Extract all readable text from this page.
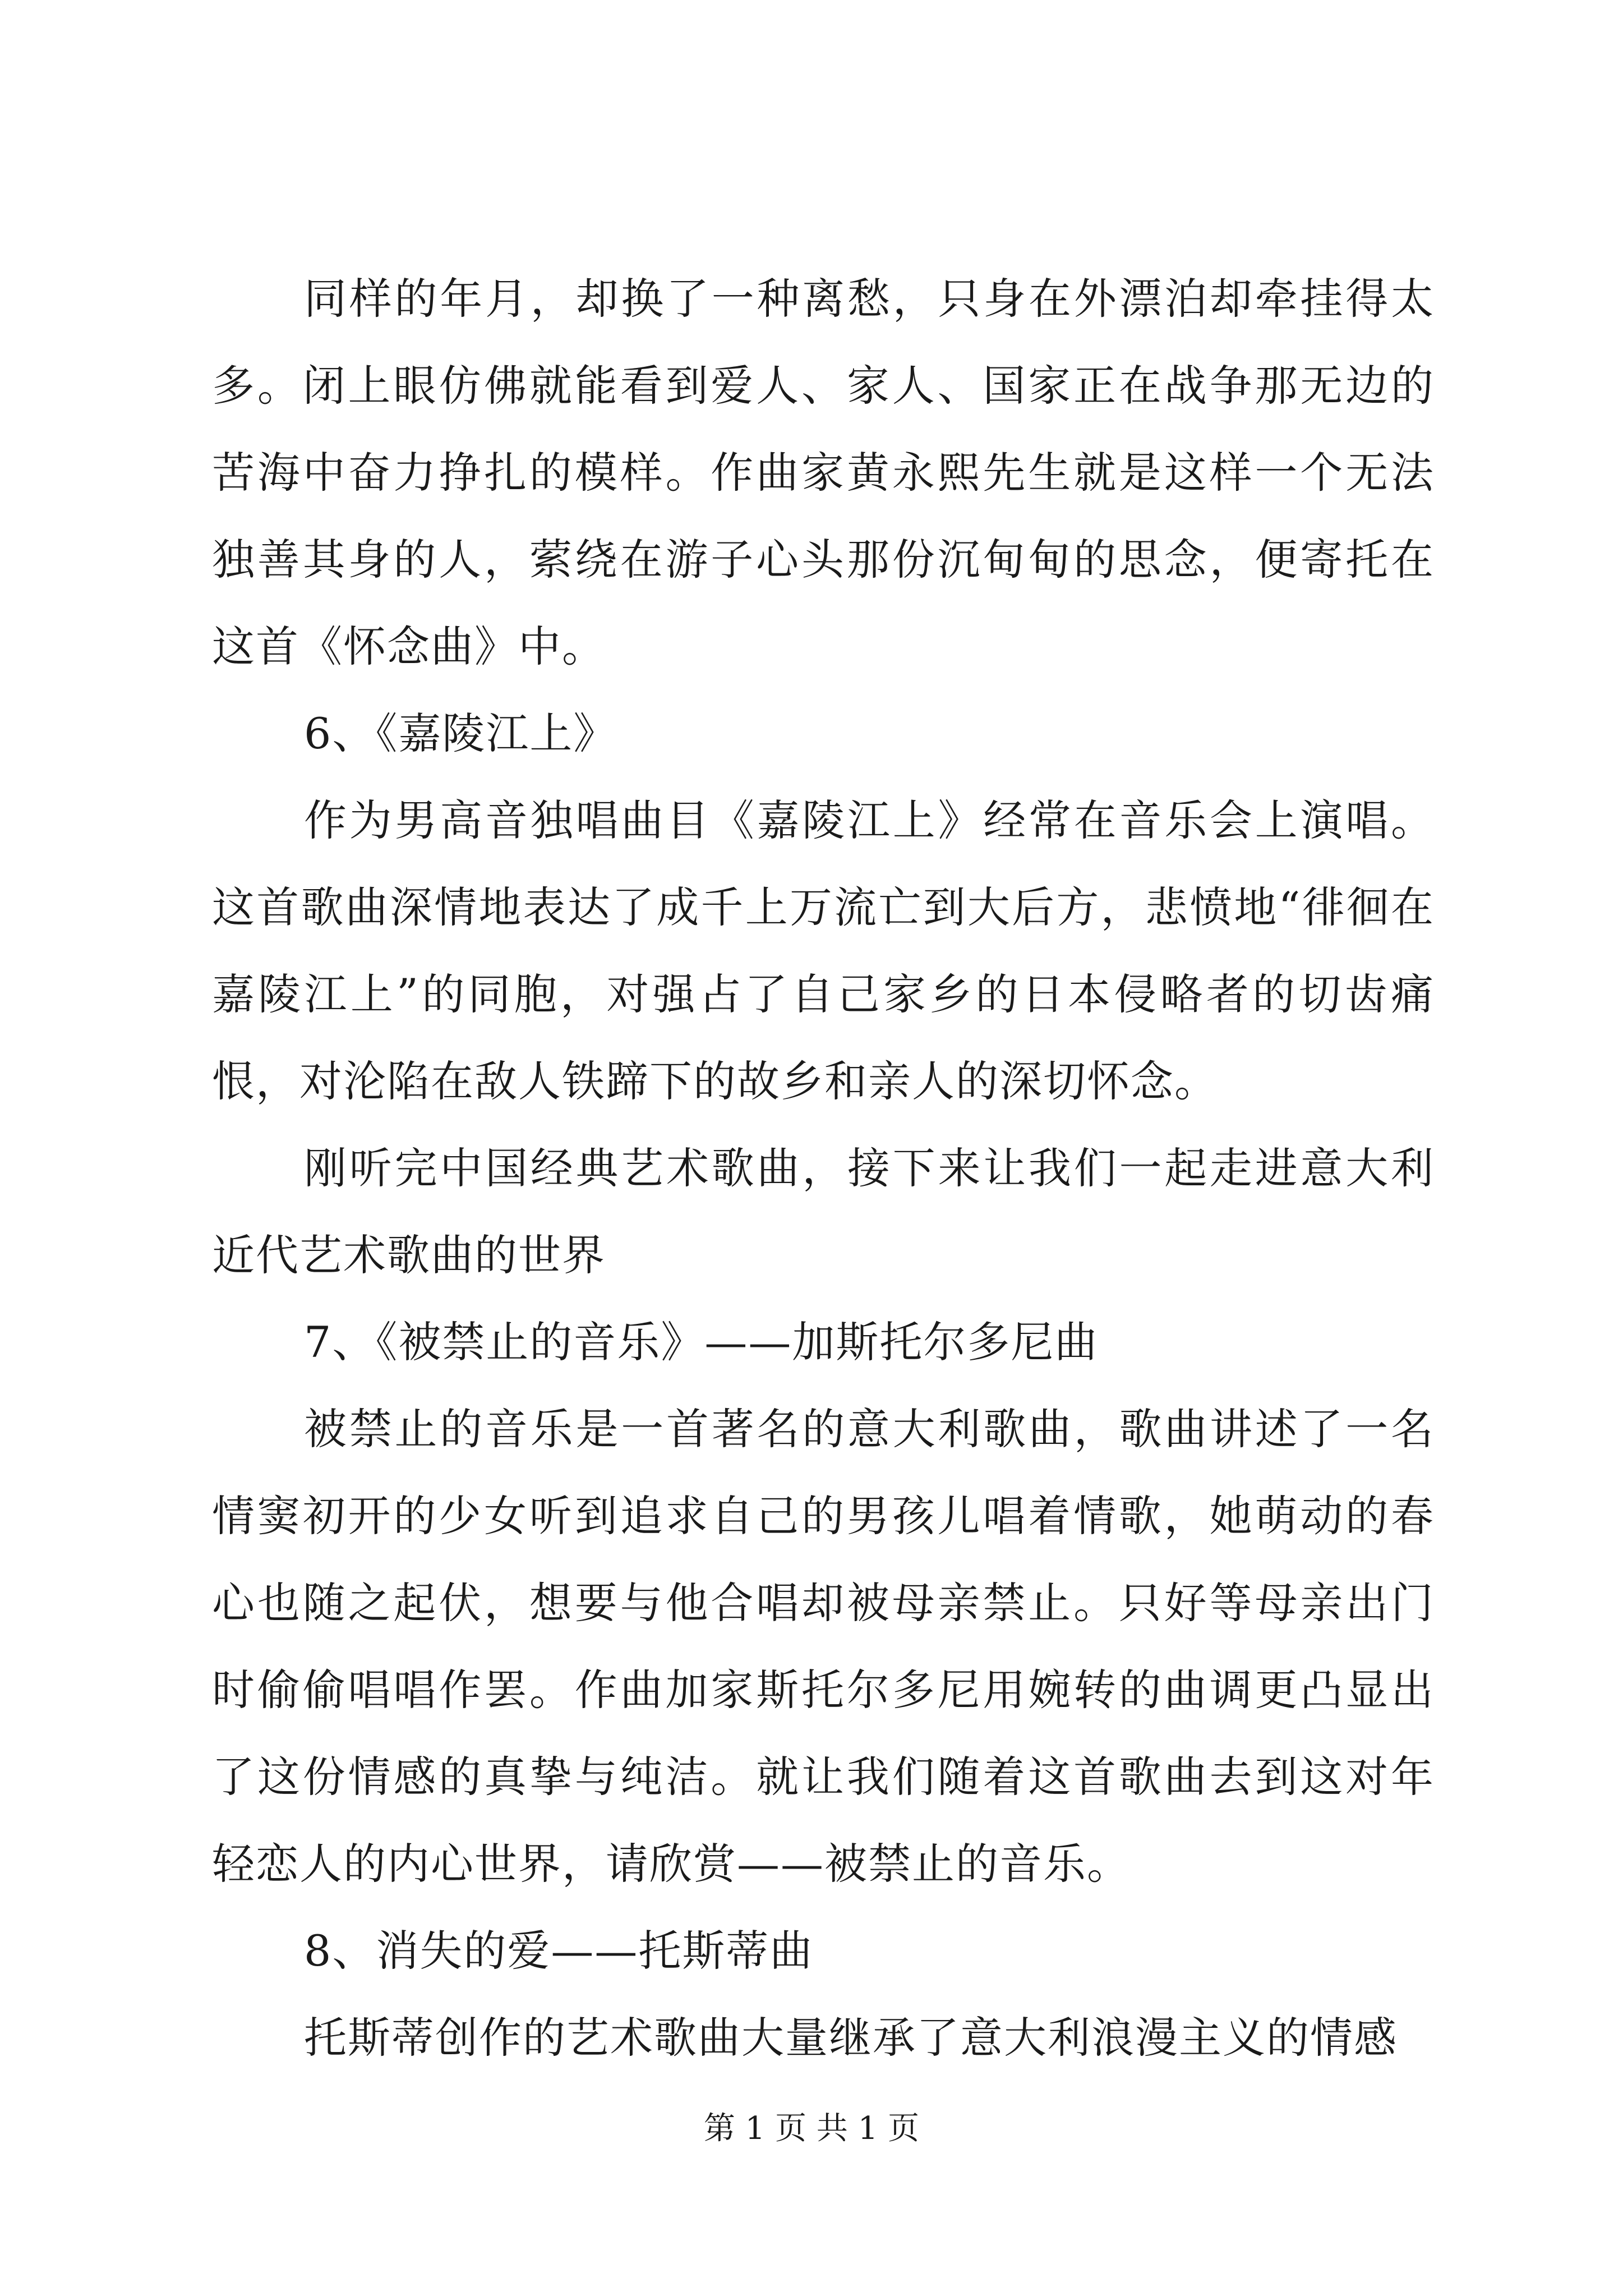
同样的年月，却换了一种离愁，只身在外漂泊却牵挂得太多。闭上眼仿佛就能看到爱人、家人、国家正在战争那无边的苦海中奋力挣扎的模样。作曲家黄永熙先生就是这样一个无法独善其身的人，萦绕在游子心头那份沉甸甸的思念，便寄托在这首《怀念曲》中。

6、《嘉陵江上》

作为男高音独唱曲目《嘉陵江上》经常在音乐会上演唱。这首歌曲深情地表达了成千上万流亡到大后方，悲愤地“徘徊在嘉陵江上”的同胞，对强占了自己家乡的日本侵略者的切齿痛恨，对沦陷在敌人铁蹄下的故乡和亲人的深切怀念。

刚听完中国经典艺术歌曲，接下来让我们一起走进意大利近代艺术歌曲的世界

7、《被禁止的音乐》——加斯托尔多尼曲

被禁止的音乐是一首著名的意大利歌曲，歌曲讲述了一名情窦初开的少女听到追求自己的男孩儿唱着情歌，她萌动的春心也随之起伏，想要与他合唱却被母亲禁止。只好等母亲出门时偷偷唱唱作罢。作曲加家斯托尔多尼用婉转的曲调更凸显出了这份情感的真挚与纯洁。就让我们随着这首歌曲去到这对年轻恋人的内心世界，请欣赏——被禁止的音乐。

8、消失的爱——托斯蒂曲

托斯蒂创作的艺术歌曲大量继承了意大利浪漫主义的情感

第 1 页 共 1 页
